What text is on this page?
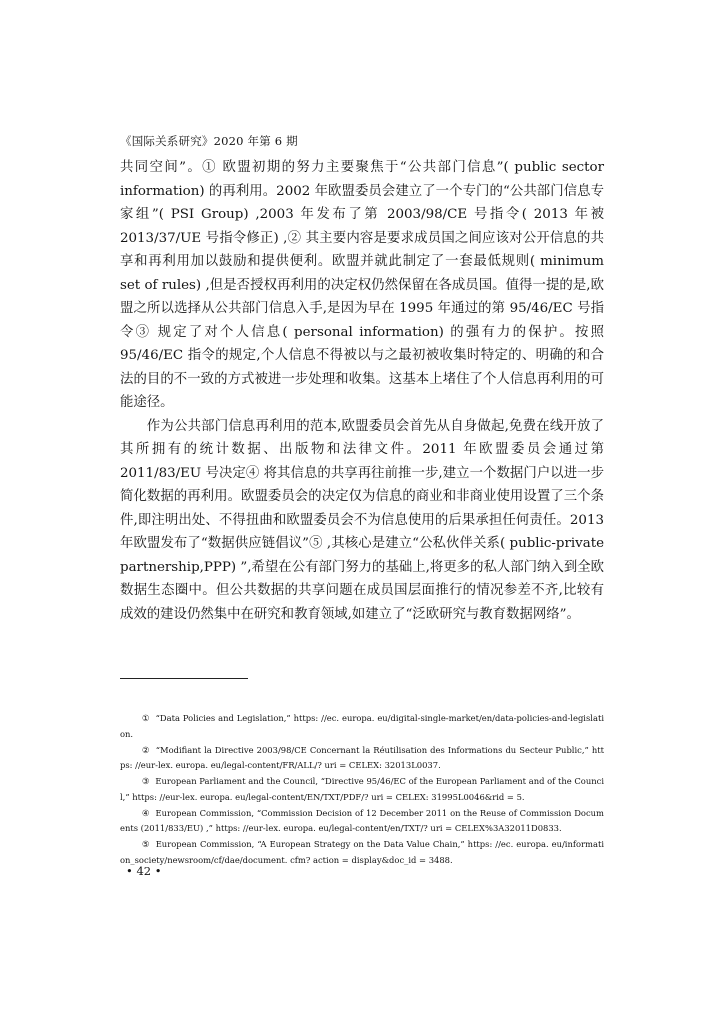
《国际关系研究》2020 年第 6 期

共同空间”。① 欧盟初期的努力主要聚焦于“公共部门信息”( public sector information) 的再利用。2002 年欧盟委员会建立了一个专门的“公共部门信息专家组”( PSI Group) ,2003 年发布了第 2003/98/CE 号指令( 2013 年被 2013/37/UE 号指令修正) ,② 其主要内容是要求成员国之间应该对公开信息的共享和再利用加以鼓励和提供便利。欧盟并就此制定了一套最低规则( minimum set of rules) ,但是否授权再利用的决定权仍然保留在各成员国。值得一提的是,欧盟之所以选择从公共部门信息入手,是因为早在 1995 年通过的第 95/46/EC 号指令③ 规定了对个人信息( personal information) 的强有力的保护。按照 95/46/EC 指令的规定,个人信息不得被以与之最初被收集时特定的、明确的和合法的目的不一致的方式被进一步处理和收集。这基本上堵住了个人信息再利用的可能途径。

作为公共部门信息再利用的范本,欧盟委员会首先从自身做起,免费在线开放了其所拥有的统计数据、出版物和法律文件。2011 年欧盟委员会通过第 2011/83/EU 号决定④ 将其信息的共享再往前推一步,建立一个数据门户以进一步简化数据的再利用。欧盟委员会的决定仅为信息的商业和非商业使用设置了三个条件,即注明出处、不得扭曲和欧盟委员会不为信息使用的后果承担任何责任。2013 年欧盟发布了“数据供应链倡议”⑤ ,其核心是建立“公私伙伴关系( public-private partnership,PPP) ”,希望在公有部门努力的基础上,将更多的私人部门纳入到全欧数据生态圈中。但公共数据的共享问题在成员国层面推行的情况参差不齐,比较有成效的建设仍然集中在研究和教育领域,如建立了“泛欧研究与教育数据网络”。

① “Data Policies and Legislation,” https: //ec. europa. eu/digital-single-market/en/data-policies-and-legislation.

② “Modifiant la Directive 2003/98/CE Concernant la Réutilisation des Informations du Secteur Public,” https: //eur-lex. europa. eu/legal-content/FR/ALL/? uri = CELEX: 32013L0037.

③ European Parliament and the Council, “Directive 95/46/EC of the European Parliament and of the Council,” https: //eur-lex. europa. eu/legal-content/EN/TXT/PDF/? uri = CELEX: 31995L0046&rid = 5.

④ European Commission, “Commission Decision of 12 December 2011 on the Reuse of Commission Documents (2011/833/EU) ,” https: //eur-lex. europa. eu/legal-content/en/TXT/? uri = CELEX%3A32011D0833.

⑤ European Commission, “A European Strategy on the Data Value Chain,” https: //ec. europa. eu/information_society/newsroom/cf/dae/document. cfm? action = display&doc_id = 3488.

• 42 •
